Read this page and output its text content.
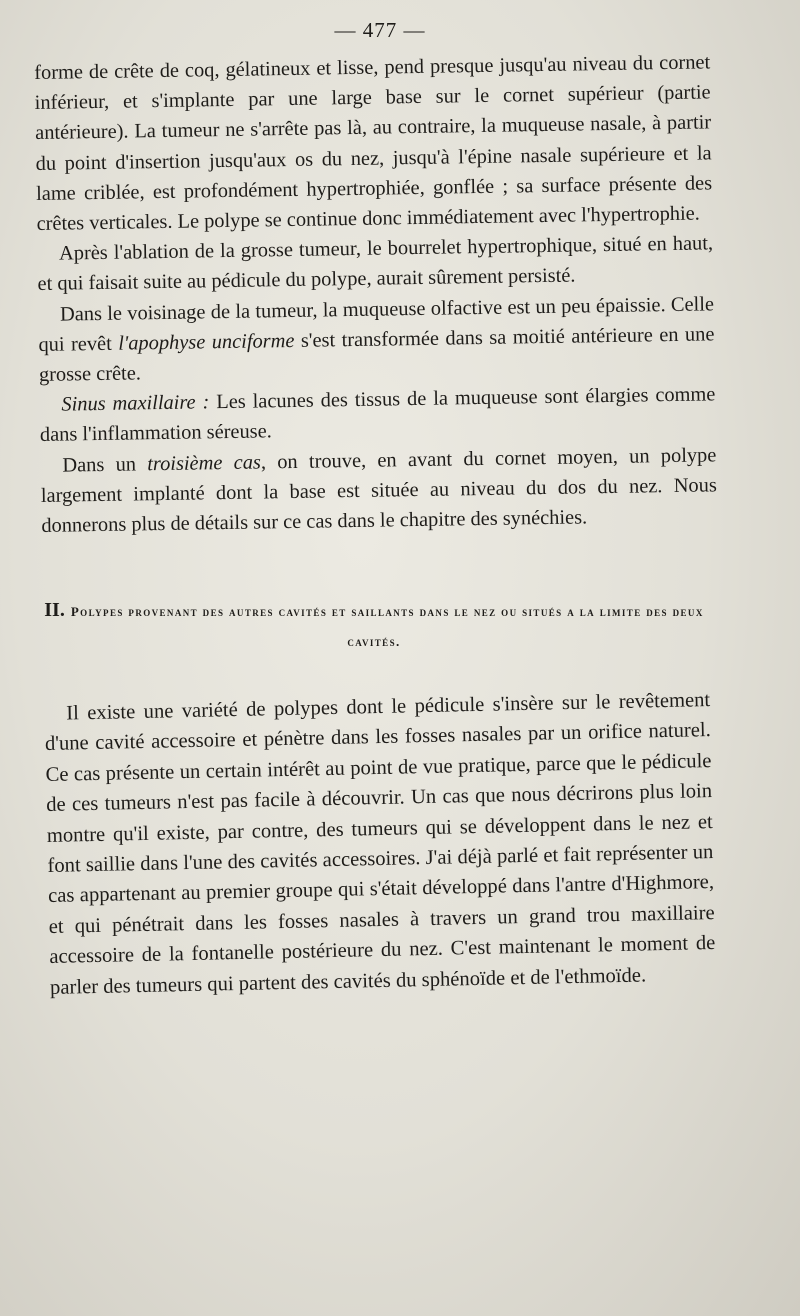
— 477 —

forme de crête de coq, gélatineux et lisse, pend presque jusqu'au niveau du cornet inférieur, et s'implante par une large base sur le cornet supérieur (partie antérieure). La tumeur ne s'arrête pas là, au contraire, la muqueuse nasale, à partir du point d'insertion jusqu'aux os du nez, jusqu'à l'épine nasale supérieure et la lame criblée, est profondément hypertrophiée, gonflée ; sa surface présente des crêtes verticales. Le polype se continue donc immédiatement avec l'hypertrophie.

Après l'ablation de la grosse tumeur, le bourrelet hypertrophique, situé en haut, et qui faisait suite au pédicule du polype, aurait sûrement persisté.

Dans le voisinage de la tumeur, la muqueuse olfactive est un peu épaissie. Celle qui revêt l'apophyse unciforme s'est transformée dans sa moitié antérieure en une grosse crête.

Sinus maxillaire : Les lacunes des tissus de la muqueuse sont élargies comme dans l'inflammation séreuse.

Dans un troisième cas, on trouve, en avant du cornet moyen, un polype largement implanté dont la base est située au niveau du dos du nez. Nous donnerons plus de détails sur ce cas dans le chapitre des synéchies.

II. Polypes provenant des autres cavités et saillants dans le nez ou situés a la limite des deux cavités.

Il existe une variété de polypes dont le pédicule s'insère sur le revêtement d'une cavité accessoire et pénètre dans les fosses nasales par un orifice naturel. Ce cas présente un certain intérêt au point de vue pratique, parce que le pédicule de ces tumeurs n'est pas facile à découvrir. Un cas que nous décrirons plus loin montre qu'il existe, par contre, des tumeurs qui se développent dans le nez et font saillie dans l'une des cavités accessoires. J'ai déjà parlé et fait représenter un cas appartenant au premier groupe qui s'était développé dans l'antre d'Highmore, et qui pénétrait dans les fosses nasales à travers un grand trou maxillaire accessoire de la fontanelle postérieure du nez. C'est maintenant le moment de parler des tumeurs qui partent des cavités du sphénoïde et de l'ethmoïde.
